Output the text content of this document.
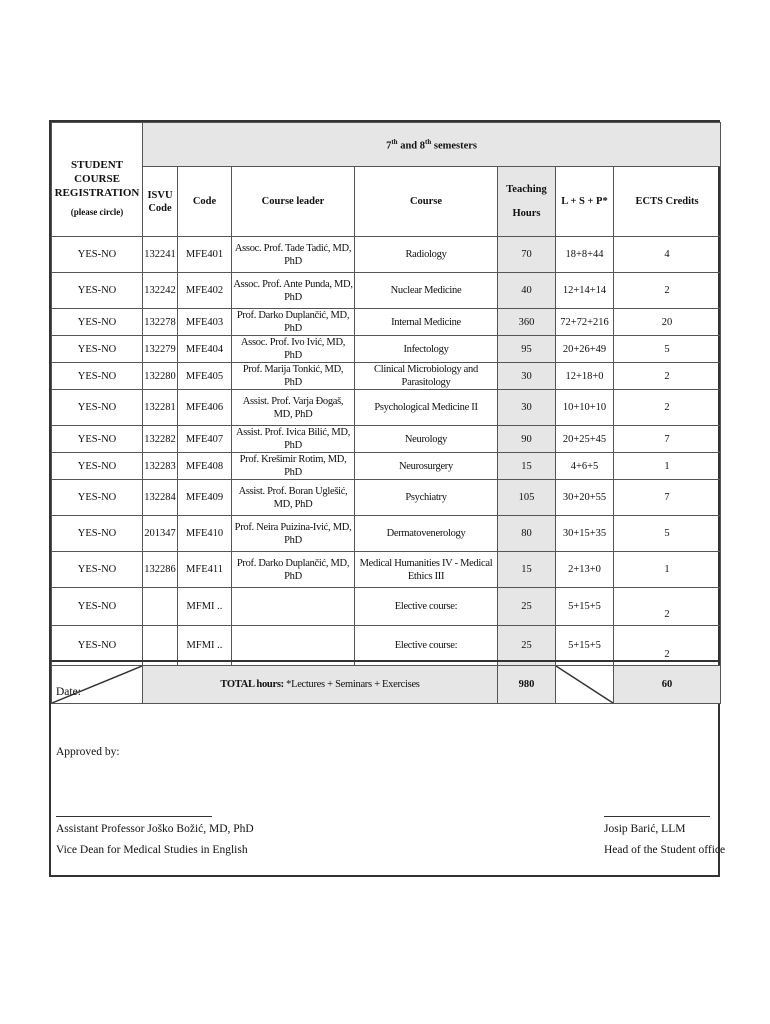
STUDENT COURSE REGISTRATION
(please circle)	7th and 8th semesters						
	ISVU Code	Code	Course leader	Course	Teaching Hours	L + S + P*	ECTS Credits
YES-NO	132241	MFE401	Assoc. Prof. Tade Tadić, MD, PhD	Radiology	70	18+8+44	4
YES-NO	132242	MFE402	Assoc. Prof. Ante Punda, MD, PhD	Nuclear Medicine	40	12+14+14	2
YES-NO	132278	MFE403	Prof. Darko Duplančić, MD, PhD	Internal Medicine	360	72+72+216	20
YES-NO	132279	MFE404	Assoc. Prof. Ivo Ivić, MD, PhD	Infectology	95	20+26+49	5
YES-NO	132280	MFE405	Prof. Marija Tonkić, MD, PhD	Clinical Microbiology and Parasitology	30	12+18+0	2
YES-NO	132281	MFE406	Assist. Prof. Varja Đogaš, MD, PhD	Psychological Medicine II	30	10+10+10	2
YES-NO	132282	MFE407	Assist. Prof. Ivica Bilić, MD, PhD	Neurology	90	20+25+45	7
YES-NO	132283	MFE408	Prof. Krešimir Rotim, MD, PhD	Neurosurgery	15	4+6+5	1
YES-NO	132284	MFE409	Assist. Prof. Boran Uglešić, MD, PhD	Psychiatry	105	30+20+55	7
YES-NO	201347	MFE410	Prof. Neira Puizina-Ivić, MD, PhD	Dermatovenerology	80	30+15+35	5
YES-NO	132286	MFE411	Prof. Darko Duplančić, MD, PhD	Medical Humanities IV - Medical Ethics III	15	2+13+0	1
YES-NO		MFMI ..		Elective course:	25	5+15+5	2
YES-NO		MFMI ..		Elective course:	25	5+15+5	2

	TOTAL hours: *Lectures + Seminars + Exercises				980		60
Date:
Approved by:
Assistant Professor Joško Božić, MD, PhD
Vice Dean for Medical Studies in English
Josip Barić, LLM
Head of the Student office
